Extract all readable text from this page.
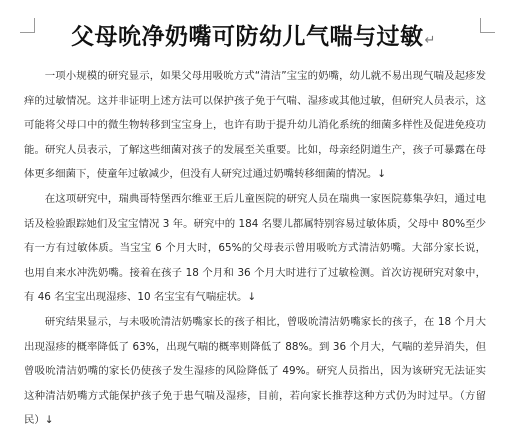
父母吮净奶嘴可防幼儿气喘与过敏↵

一项小规模的研究显示，如果父母用吸吮方式“清洁”宝宝的奶嘴，幼儿就不易出现气喘及起疹发痒的过敏情况。这并非证明上述方法可以保护孩子免于气喘、湿疹或其他过敏，但研究人员表示，这可能将父母口中的微生物转移到宝宝身上，也许有助于提升幼儿消化系统的细菌多样性及促进免疫功能。研究人员表示，了解这些细菌对孩子的发展至关重要。比如，母亲经阴道生产，孩子可暴露在母体更多细菌下，使童年过敏减少，但没有人研究过通过奶嘴转移细菌的情况。↓

在这项研究中，瑞典哥特堡西尔维亚王后儿童医院的研究人员在瑞典一家医院募集孕妇，通过电话及检验跟踪她们及宝宝情况 3 年。研究中的 184 名婴儿都属特别容易过敏体质，父母中 80%至少有一方有过敏体质。当宝宝 6 个月大时，65%的父母表示曾用吸吮方式清洁奶嘴。大部分家长说，也用自来水冲洗奶嘴。接着在孩子 18 个月和 36 个月大时进行了过敏检测。首次访视研究对象中，有 46 名宝宝出现湿疹、10 名宝宝有气喘症状。↓

研究结果显示，与未吸吮清洁奶嘴家长的孩子相比，曾吸吮清洁奶嘴家长的孩子，在 18 个月大出现湿疹的概率降低了 63%，出现气喘的概率则降低了 88%。到 36 个月大，气喘的差异消失，但曾吸吮清洁奶嘴的家长仍使孩子发生湿疹的风险降低了 49%。研究人员指出，因为该研究无法证实这种清洁奶嘴方式能保护孩子免于患气喘及湿疹，目前，若向家长推荐这种方式仍为时过早。（方留民）↓
